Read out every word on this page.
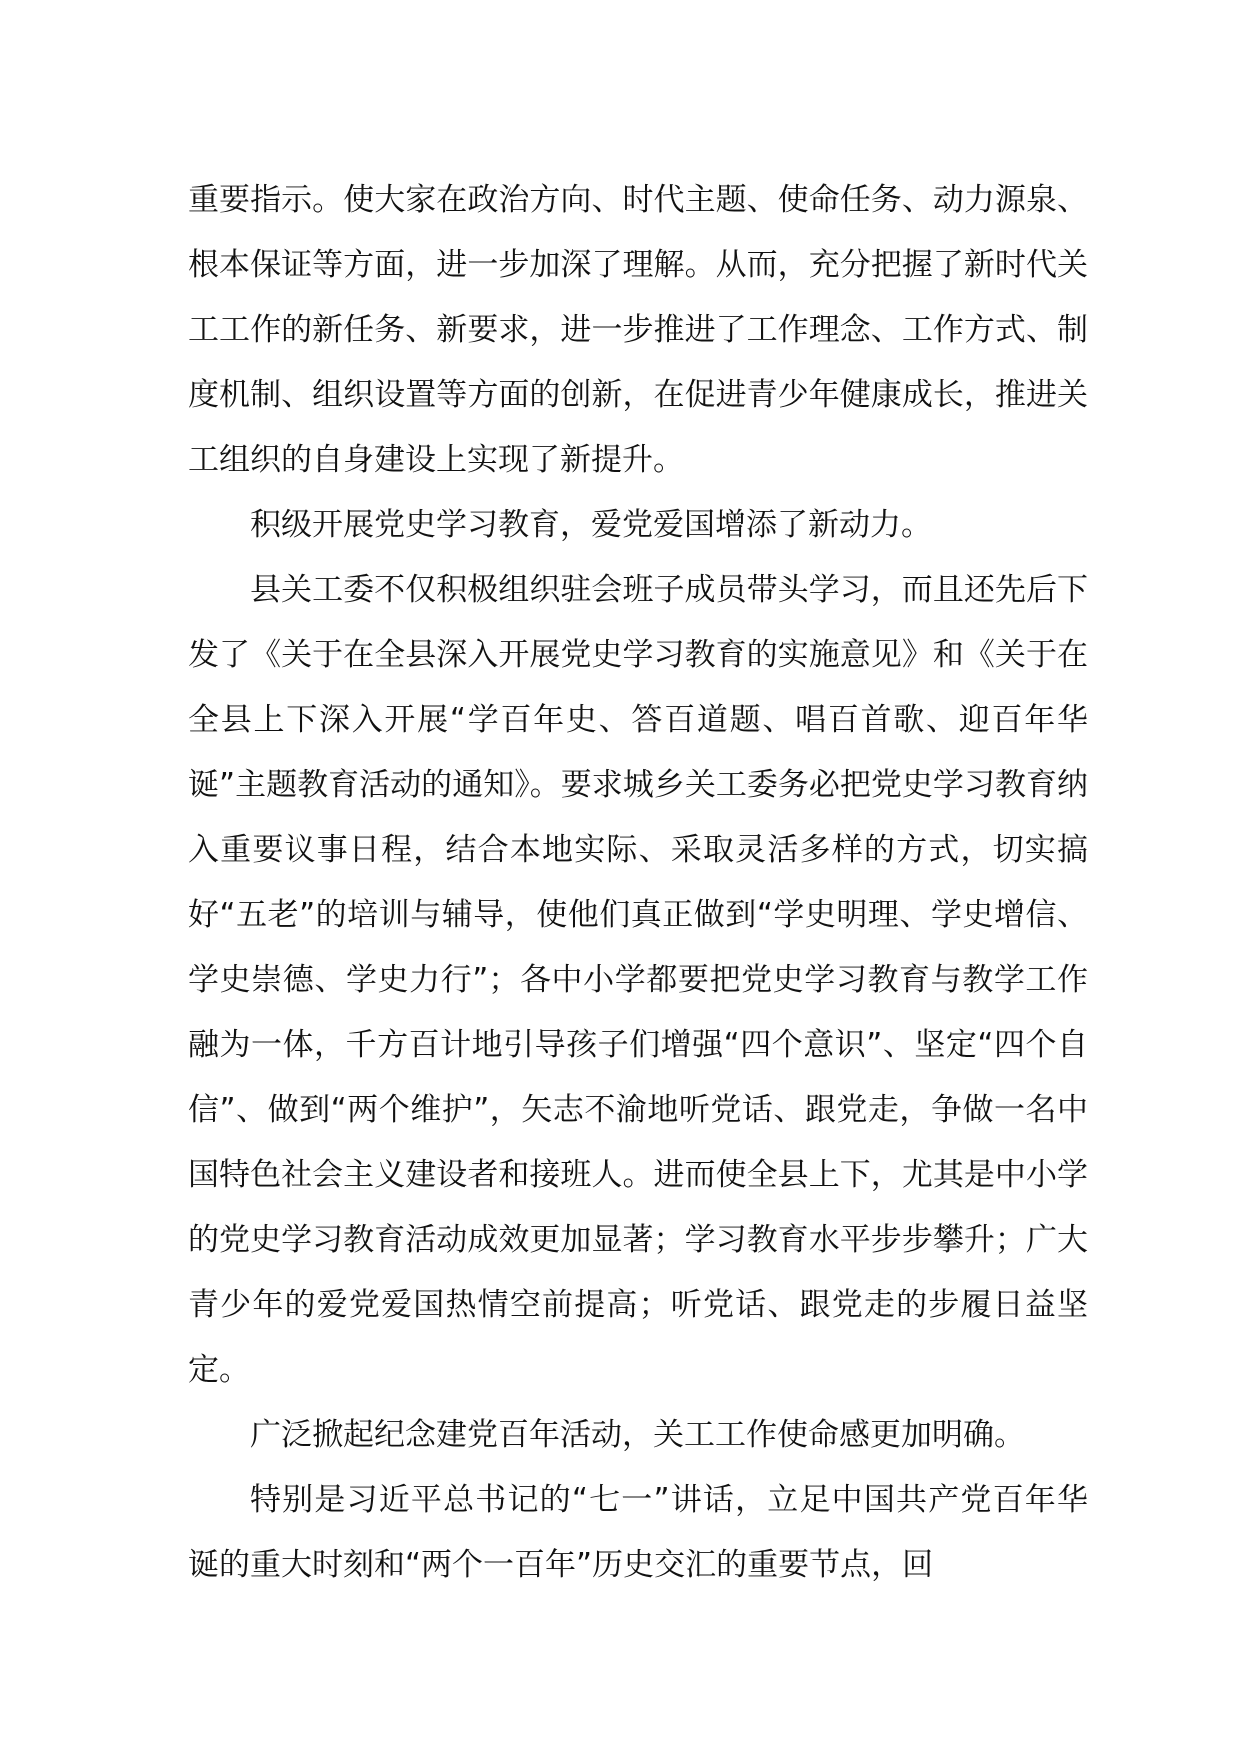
重要指示。使大家在政治方向、时代主题、使命任务、动力源泉、根本保证等方面，进一步加深了理解。从而，充分把握了新时代关工工作的新任务、新要求，进一步推进了工作理念、工作方式、制度机制、组织设置等方面的创新，在促进青少年健康成长，推进关工组织的自身建设上实现了新提升。

积级开展党史学习教育，爱党爱国增添了新动力。

县关工委不仅积极组织驻会班子成员带头学习，而且还先后下发了《关于在全县深入开展党史学习教育的实施意见》和《关于在全县上下深入开展“学百年史、答百道题、唱百首歌、迎百年华诞”主题教育活动的通知》。要求城乡关工委务必把党史学习教育纳入重要议事日程，结合本地实际、采取灵活多样的方式，切实搞好“五老”的培训与辅导，使他们真正做到“学史明理、学史增信、学史崇德、学史力行”；各中小学都要把党史学习教育与教学工作融为一体，千方百计地引导孩子们增强“四个意识”、坚定“四个自信”、做到“两个维护”，矢志不渝地听党话、跟党走，争做一名中国特色社会主义建设者和接班人。进而使全县上下，尤其是中小学的党史学习教育活动成效更加显著；学习教育水平步步攀升；广大青少年的爱党爱国热情空前提高；听党话、跟党走的步履日益坚定。

广泛掀起纪念建党百年活动，关工工作使命感更加明确。

特别是习近平总书记的“七一”讲话，立足中国共产党百年华诞的重大时刻和“两个一百年”历史交汇的重要节点，回
